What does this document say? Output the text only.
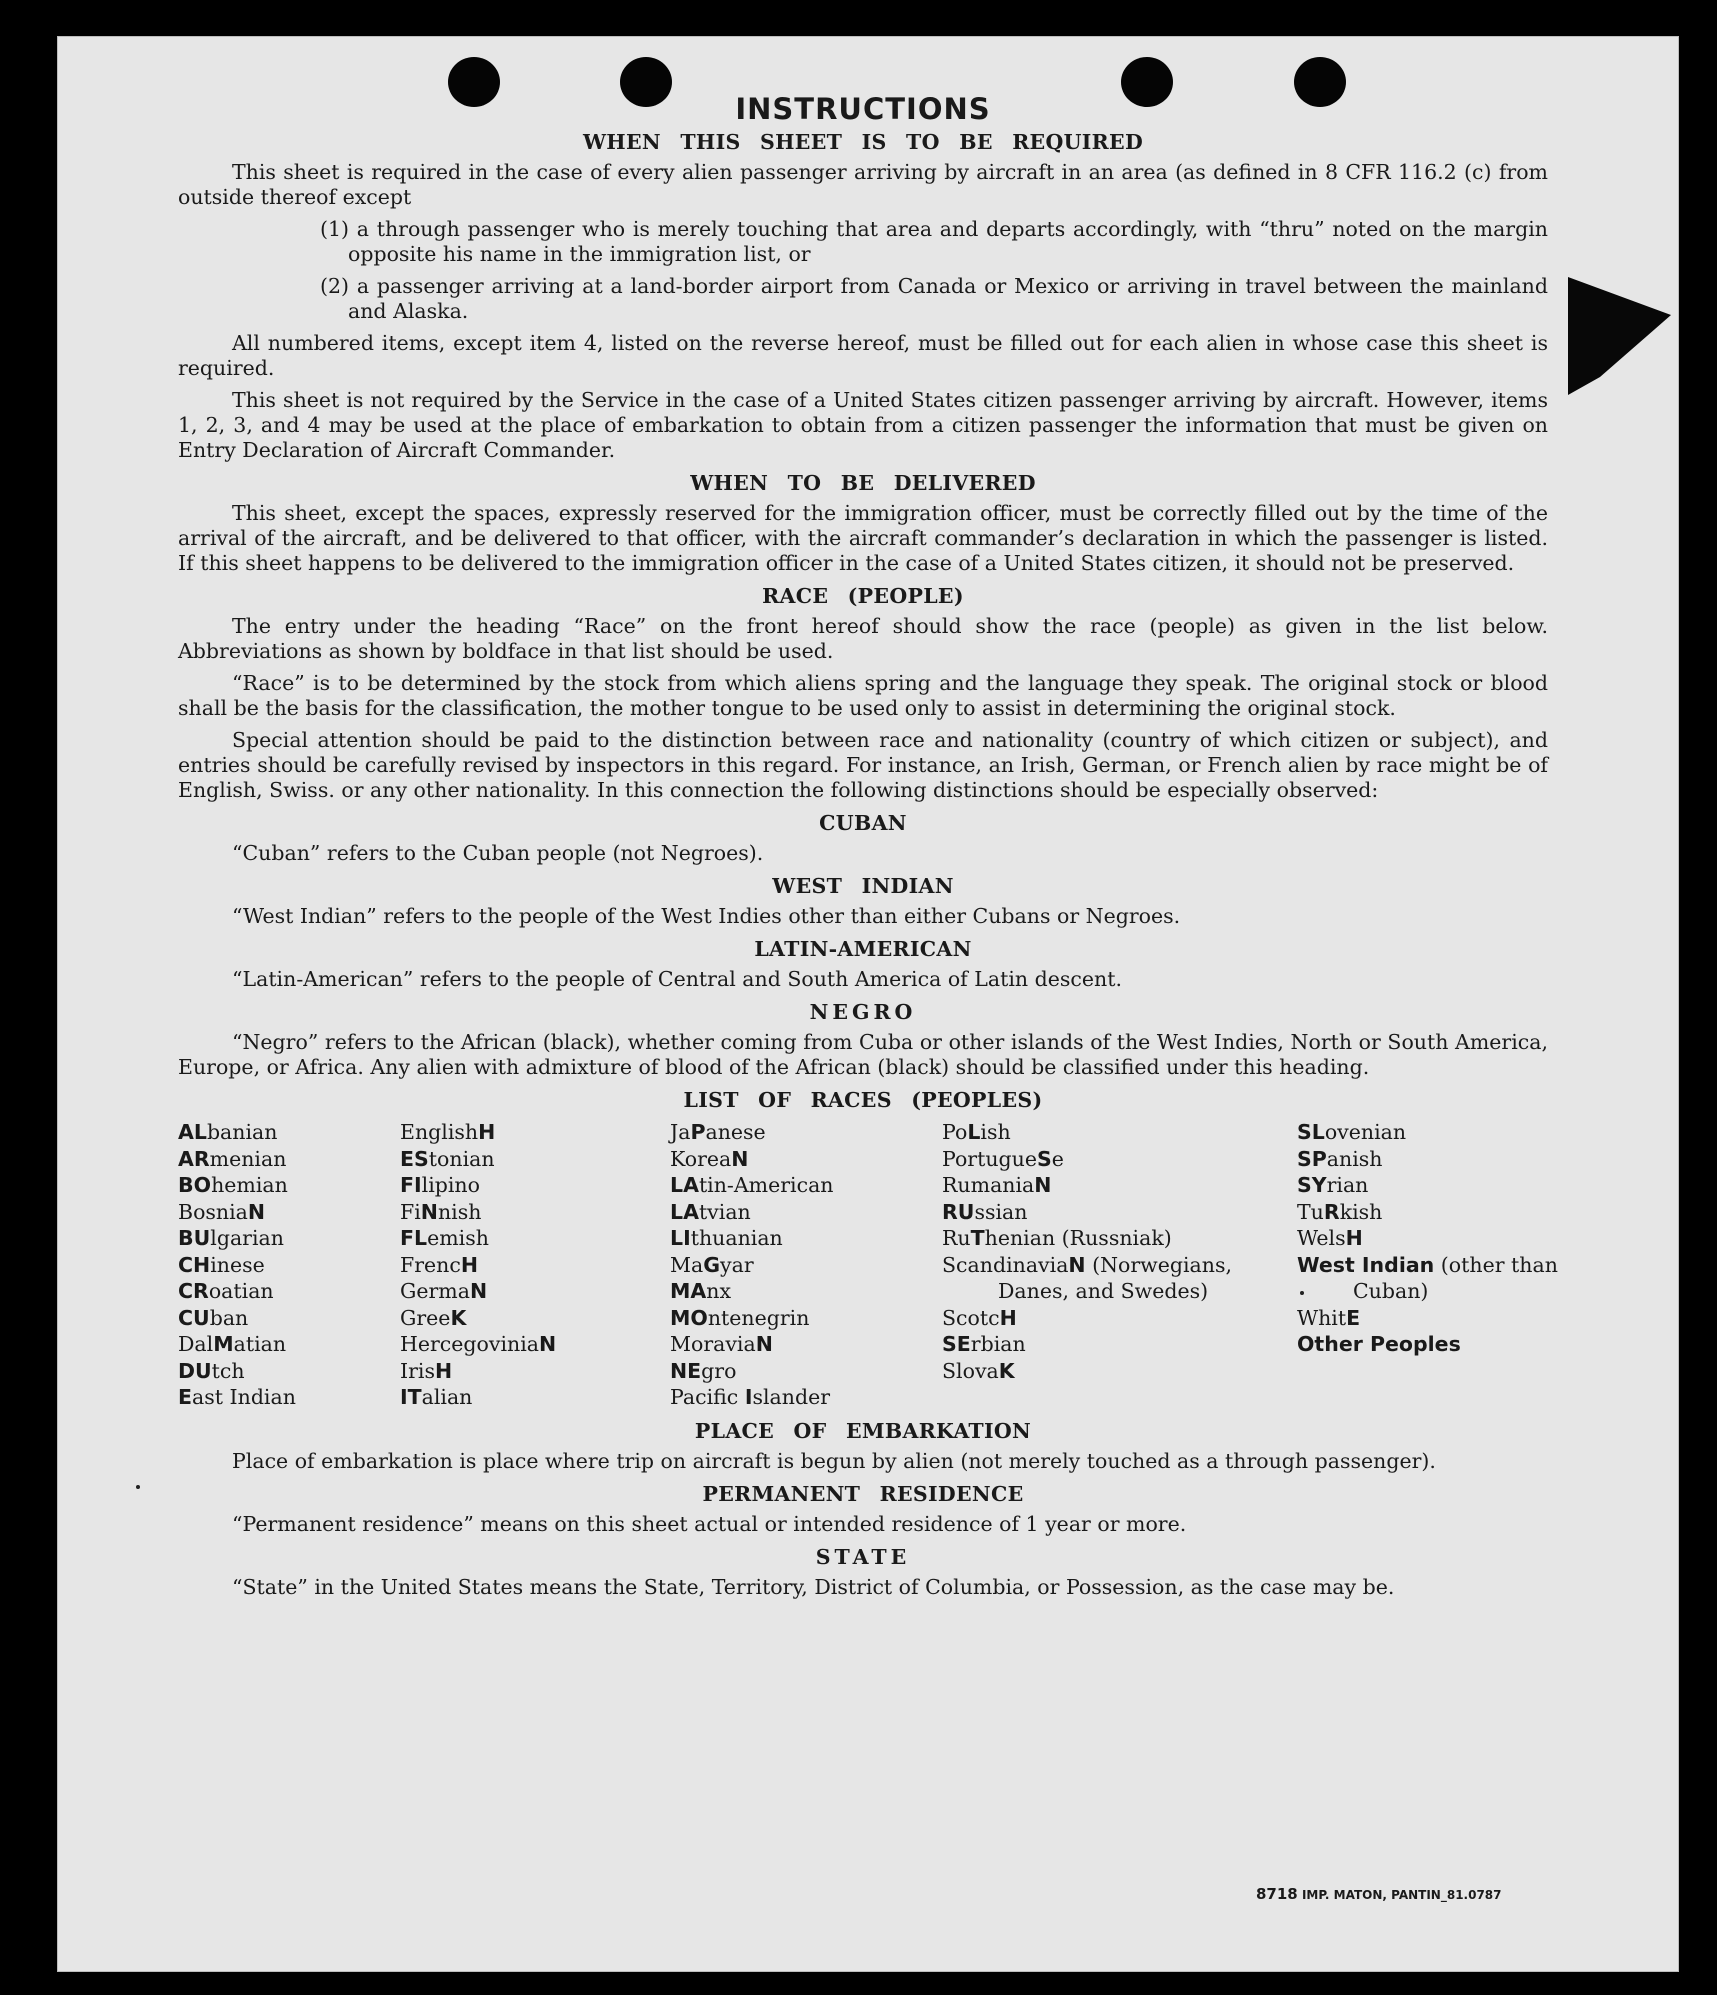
INSTRUCTIONS
WHEN THIS SHEET IS TO BE REQUIRED

This sheet is required in the case of every alien passenger arriving by aircraft in an area (as defined in 8 CFR 116.2 (c) from outside thereof except

(1) a through passenger who is merely touching that area and departs accordingly, with “thru” noted on the margin opposite his name in the immigration list, or

(2) a passenger arriving at a land-border airport from Canada or Mexico or arriving in travel between the mainland and Alaska.

All numbered items, except item 4, listed on the reverse hereof, must be filled out for each alien in whose case this sheet is required.

This sheet is not required by the Service in the case of a United States citizen passenger arriving by aircraft. However, items 1, 2, 3, and 4 may be used at the place of embarkation to obtain from a citizen passenger the information that must be given on Entry Declaration of Aircraft Commander.

WHEN TO BE DELIVERED

This sheet, except the spaces, expressly reserved for the immigration officer, must be correctly filled out by the time of the arrival of the aircraft, and be delivered to that officer, with the aircraft commander’s declaration in which the passenger is listed. If this sheet happens to be delivered to the immigration officer in the case of a United States citizen, it should not be preserved.

RACE (PEOPLE)

The entry under the heading “Race” on the front hereof should show the race (people) as given in the list below. Abbreviations as shown by boldface in that list should be used.

“Race” is to be determined by the stock from which aliens spring and the language they speak. The original stock or blood shall be the basis for the classification, the mother tongue to be used only to assist in determining the original stock.

Special attention should be paid to the distinction between race and nationality (country of which citizen or subject), and entries should be carefully revised by inspectors in this regard. For instance, an Irish, German, or French alien by race might be of English, Swiss. or any other nationality. In this connection the following distinctions should be especially observed:

CUBAN

“Cuban” refers to the Cuban people (not Negroes).

WEST INDIAN

“West Indian” refers to the people of the West Indies other than either Cubans or Negroes.

LATIN-AMERICAN

“Latin-American” refers to the people of Central and South America of Latin descent.

NEGRO

“Negro” refers to the African (black), whether coming from Cuba or other islands of the West Indies, North or South America, Europe, or Africa. Any alien with admixture of blood of the African (black) should be classified under this heading.

LIST OF RACES (PEOPLES)
ALbanian
ARmenian
BOhemian
BosniaN
BUlgarian
CHinese
CRoatian
CUban
DalMatian
DUtch
East Indian
EnglishH
EStonian
FIlipino
FiNnish
FLemish
FrencH
GermaN
GreeK
HercegoviniaN
IrisH
ITalian
JaPanese
KoreaN
LAtin-American
LAtvian
LIthuanian
MaGyar
MAnx
MOntenegrin
MoraviaN
NEgro
Pacific Islander
PoLish
PortugueSe
RumaniaN
RUssian
RuThenian (Russniak)
ScandinaviaN (Norwegians, Danes, and Swedes)
ScotcH
SErbian
SlovaK
SLovenian
SPanish
SYrian
TuRkish
WelsH
West Indian (other than Cuban)
WhitE
Other Peoples
PLACE OF EMBARKATION

Place of embarkation is place where trip on aircraft is begun by alien (not merely touched as a through passenger).

PERMANENT RESIDENCE

“Permanent residence” means on this sheet actual or intended residence of 1 year or more.

STATE

“State” in the United States means the State, Territory, District of Columbia, or Possession, as the case may be.

8718 IMP. MATON, PANTIN_81.0787
